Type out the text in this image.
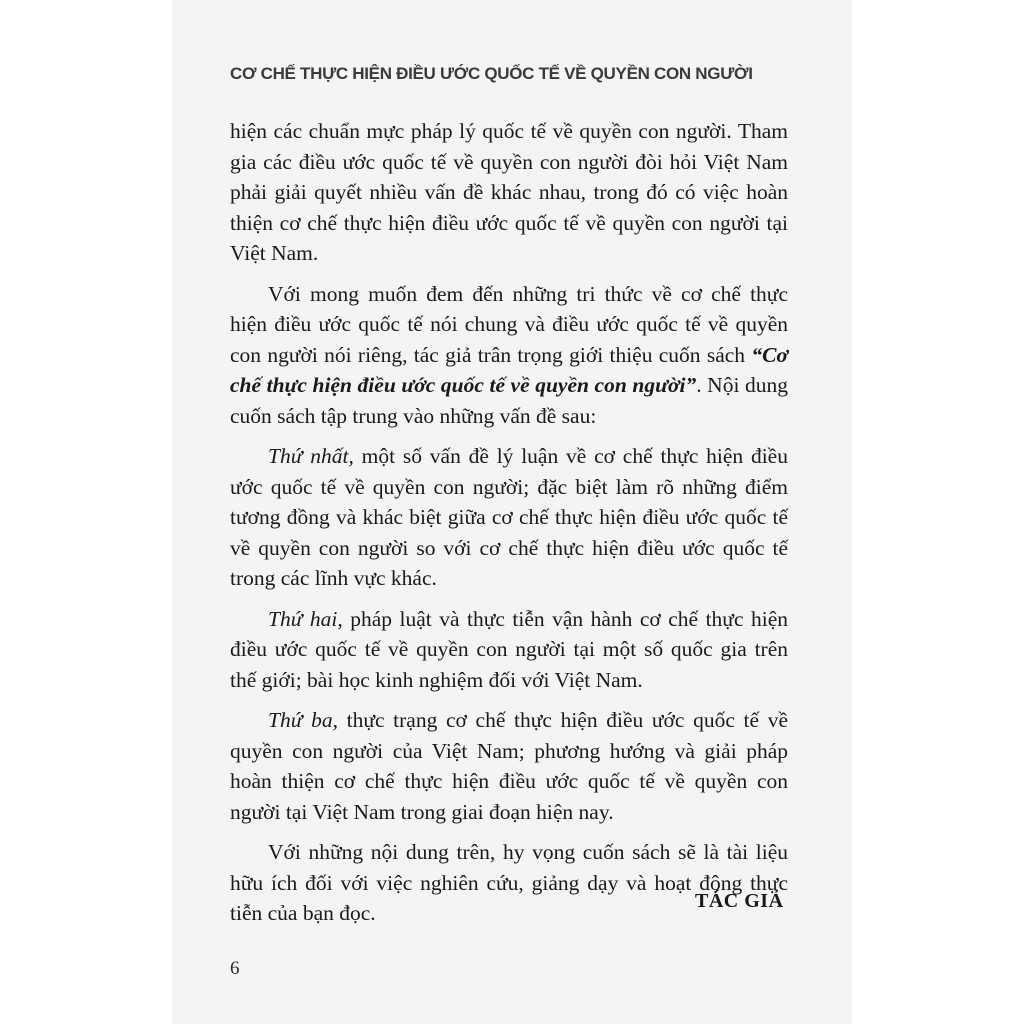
CƠ CHẾ THỰC HIỆN ĐIỀU ƯỚC QUỐC TẾ VỀ QUYỀN CON NGƯỜI

hiện các chuẩn mực pháp lý quốc tế về quyền con người. Tham gia các điều ước quốc tế về quyền con người đòi hỏi Việt Nam phải giải quyết nhiều vấn đề khác nhau, trong đó có việc hoàn thiện cơ chế thực hiện điều ước quốc tế về quyền con người tại Việt Nam.

Với mong muốn đem đến những tri thức về cơ chế thực hiện điều ước quốc tế nói chung và điều ước quốc tế về quyền con người nói riêng, tác giả trân trọng giới thiệu cuốn sách “Cơ chế thực hiện điều ước quốc tế về quyền con người”. Nội dung cuốn sách tập trung vào những vấn đề sau:

Thứ nhất, một số vấn đề lý luận về cơ chế thực hiện điều ước quốc tế về quyền con người; đặc biệt làm rõ những điểm tương đồng và khác biệt giữa cơ chế thực hiện điều ước quốc tế về quyền con người so với cơ chế thực hiện điều ước quốc tế trong các lĩnh vực khác.

Thứ hai, pháp luật và thực tiễn vận hành cơ chế thực hiện điều ước quốc tế về quyền con người tại một số quốc gia trên thế giới; bài học kinh nghiệm đối với Việt Nam.

Thứ ba, thực trạng cơ chế thực hiện điều ước quốc tế về quyền con người của Việt Nam; phương hướng và giải pháp hoàn thiện cơ chế thực hiện điều ước quốc tế về quyền con người tại Việt Nam trong giai đoạn hiện nay.

Với những nội dung trên, hy vọng cuốn sách sẽ là tài liệu hữu ích đối với việc nghiên cứu, giảng dạy và hoạt động thực tiễn của bạn đọc.	TÁC GIẢ
6
